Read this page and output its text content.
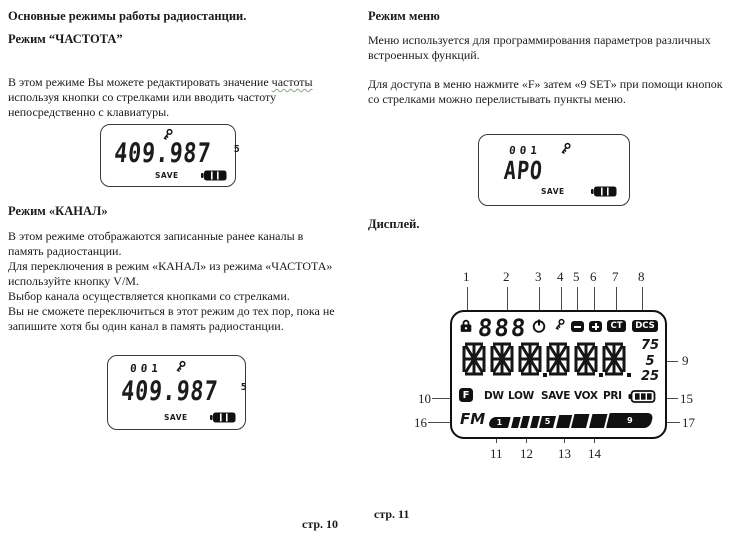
Основные режимы работы радиостанции.
Режим “ЧАСТОТА”
В этом режиме Вы можете редактировать значение частоты
используя кнопки со стрелками или вводить частоту
непосредственно с клавиатуры.
409.987 5
SAVE
Режим «КАНАЛ»
В этом режиме отображаются записанные ранее каналы в
память радиостанции.
Для переключения в режим «КАНАЛ» из режима «ЧАСТОТА»
используйте кнопку V/M.
Выбор канала осуществляется кнопками со стрелками.
Вы не сможете переключиться в этот режим до тех пор, пока не
запишите хотя бы один канал в память радиостанции.
001
409.987 5
SAVE
стр. 10
Режим меню
Меню используется для программирования параметров различных
встроенных функций.
Для доступа в меню нажмите «F» затем «9 SET» при помощи кнопок
со стрелками можно перелистывать пункты меню.
001
APO
SAVE
Дисплей.
1	2 3 4 5 6 7 8
9
10	15
16	17
11 12 13 14
888	CT	DCS
75
5
25
F	DW LOW SAVE VOX PRI
FM	1	5	9
стр. 11
